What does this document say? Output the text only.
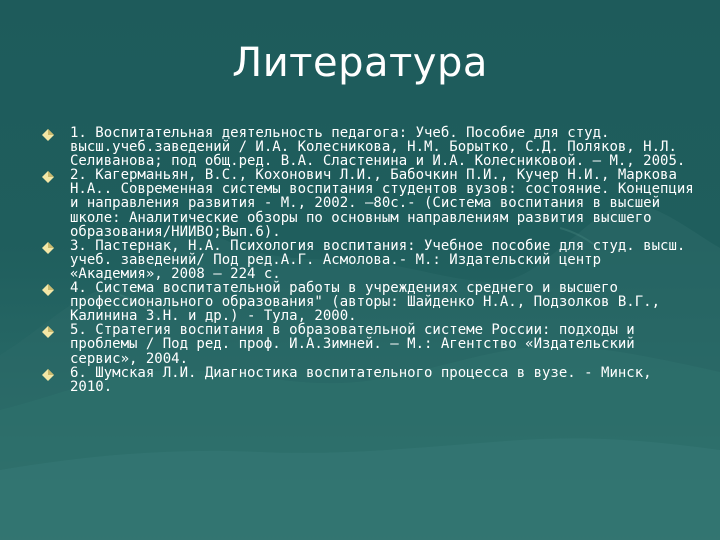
Литература
1. Воспитательная деятельность педагога: Учеб. Пособие для студ. высш.учеб.заведений / И.А. Колесникова, Н.М. Борытко, С.Д. Поляков, Н.Л. Селиванова; под общ.ред. В.А. Сластенина и И.А. Колесниковой. – М., 2005.
2. Кагерманьян, В.С., Кохонович Л.И., Бабочкин П.И., Кучер Н.И., Маркова Н.А.. Современная системы воспитания студентов вузов: состояние. Концепция и направления развития - М., 2002. –80с.- (Система воспитания в высшей школе: Аналитические обзоры по основным направлениям развития высшего образования/НИИВО;Вып.6).
3. Пастернак, Н.А. Психология воспитания: Учебное пособие для студ. высш. учеб. заведений/ Под ред.А.Г. Асмолова.- М.: Издательский центр «Академия», 2008 – 224 с.
4. Система воспитательной работы в учреждениях среднего и высшего профессионального образования" (авторы: Шайденко Н.А., Подзолков В.Г., Калинина З.Н. и др.) - Тула, 2000.
5. Стратегия воспитания в образовательной системе России: подходы и проблемы / Под ред. проф. И.А.Зимней. – М.: Агентство «Издательский сервис», 2004.
6. Шумская Л.И. Диагностика воспитательного процесса в вузе. - Минск, 2010.
